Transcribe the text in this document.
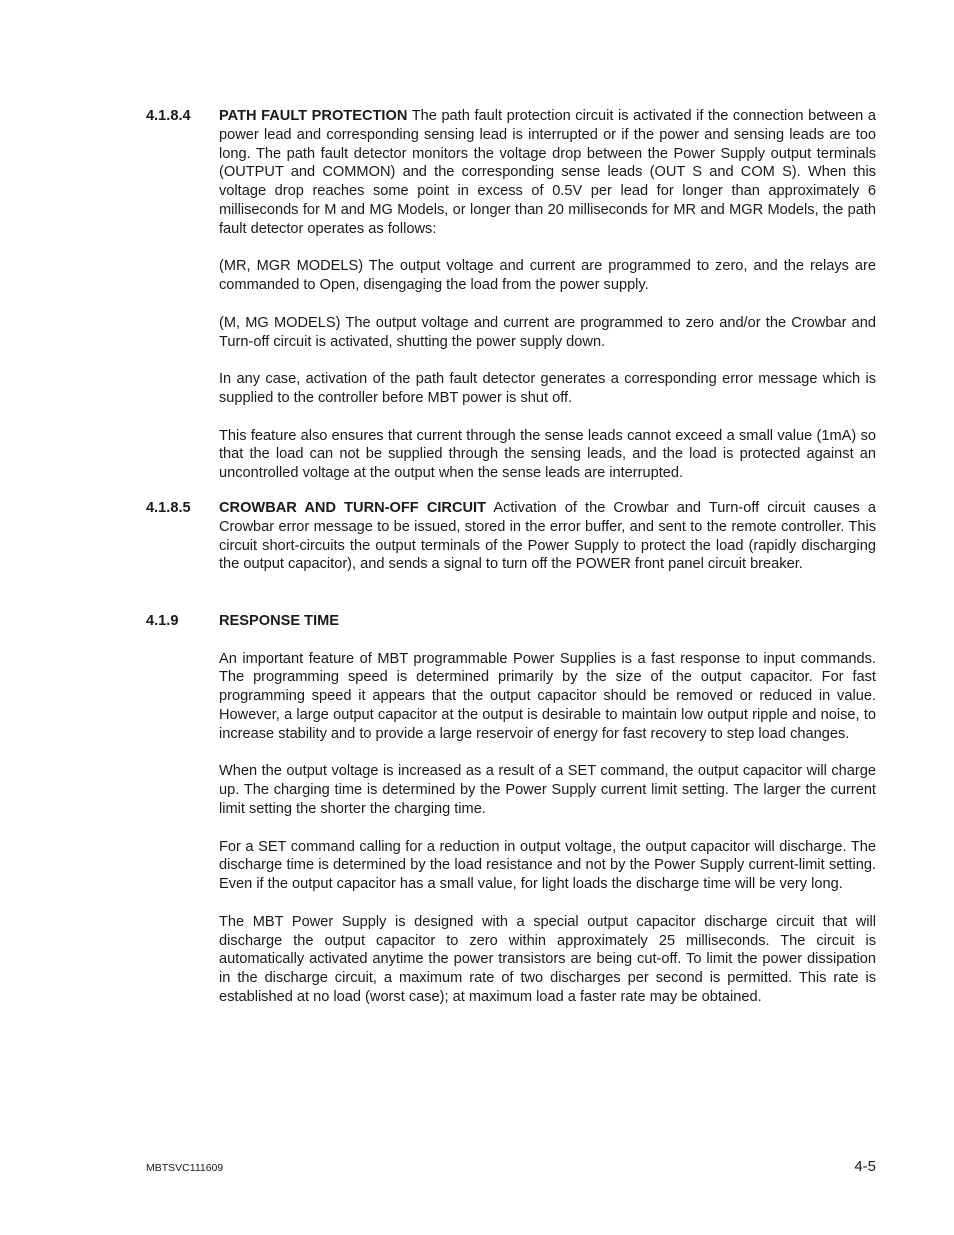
4.1.8.4 PATH FAULT PROTECTION The path fault protection circuit is activated if the connection between a power lead and corresponding sensing lead is interrupted or if the power and sensing leads are too long. The path fault detector monitors the voltage drop between the Power Supply output terminals (OUTPUT and COMMON) and the corresponding sense leads (OUT S and COM S). When this voltage drop reaches some point in excess of 0.5V per lead for longer than approximately 6 milliseconds for M and MG Models, or longer than 20 milliseconds for MR and MGR Models, the path fault detector operates as follows:

(MR, MGR MODELS) The output voltage and current are programmed to zero, and the relays are commanded to Open, disengaging the load from the power supply.

(M, MG MODELS) The output voltage and current are programmed to zero and/or the Crowbar and Turn-off circuit is activated, shutting the power supply down.

In any case, activation of the path fault detector generates a corresponding error message which is supplied to the controller before MBT power is shut off.

This feature also ensures that current through the sense leads cannot exceed a small value (1mA) so that the load can not be supplied through the sensing leads, and the load is protected against an uncontrolled voltage at the output when the sense leads are interrupted.

4.1.8.5 CROWBAR AND TURN-OFF CIRCUIT Activation of the Crowbar and Turn-off circuit causes a Crowbar error message to be issued, stored in the error buffer, and sent to the remote controller. This circuit short-circuits the output terminals of the Power Supply to protect the load (rapidly discharging the output capacitor), and sends a signal to turn off the POWER front panel circuit breaker.

4.1.9	RESPONSE TIME

An important feature of MBT programmable Power Supplies is a fast response to input commands. The programming speed is determined primarily by the size of the output capacitor. For fast programming speed it appears that the output capacitor should be removed or reduced in value. However, a large output capacitor at the output is desirable to maintain low output ripple and noise, to increase stability and to provide a large reservoir of energy for fast recovery to step load changes.

When the output voltage is increased as a result of a SET command, the output capacitor will charge up. The charging time is determined by the Power Supply current limit setting. The larger the current limit setting the shorter the charging time.

For a SET command calling for a reduction in output voltage, the output capacitor will discharge. The discharge time is determined by the load resistance and not by the Power Supply current-limit setting. Even if the output capacitor has a small value, for light loads the discharge time will be very long.

The MBT Power Supply is designed with a special output capacitor discharge circuit that will discharge the output capacitor to zero within approximately 25 milliseconds. The circuit is automatically activated anytime the power transistors are being cut-off. To limit the power dissipation in the discharge circuit, a maximum rate of two discharges per second is permitted. This rate is established at no load (worst case); at maximum load a faster rate may be obtained.

MBTSVC111609	4-5
